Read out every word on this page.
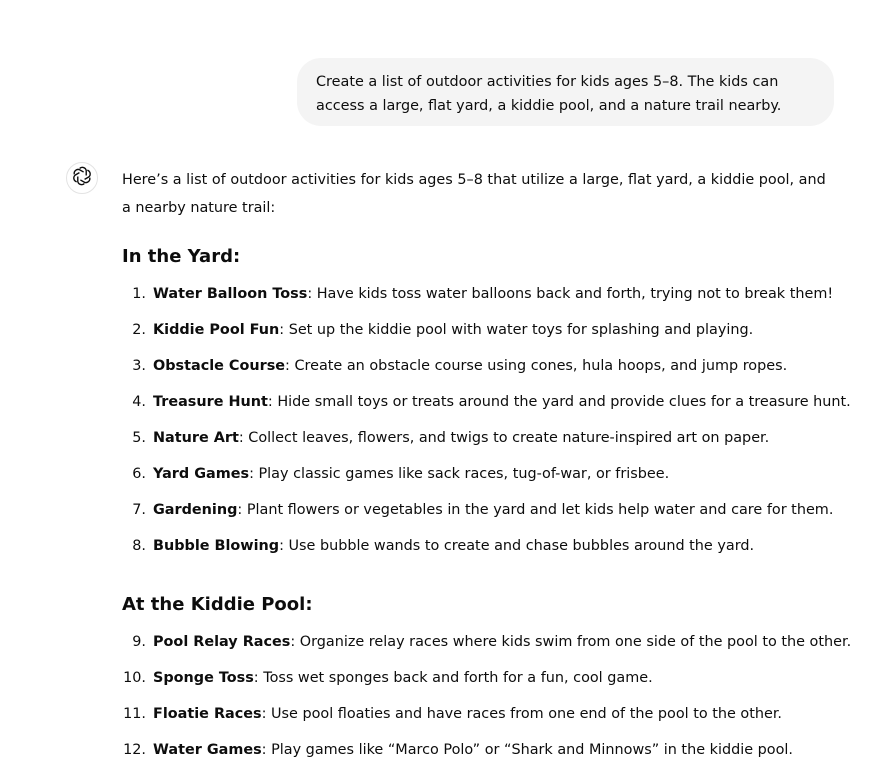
Create a list of outdoor activities for kids ages 5–8. The kids can access a large, flat yard, a kiddie pool, and a nature trail nearby.

Here’s a list of outdoor activities for kids ages 5–8 that utilize a large, flat yard, a kiddie pool, and a nearby nature trail:

In the Yard:
1. Water Balloon Toss: Have kids toss water balloons back and forth, trying not to break them!
2. Kiddie Pool Fun: Set up the kiddie pool with water toys for splashing and playing.
3. Obstacle Course: Create an obstacle course using cones, hula hoops, and jump ropes.
4. Treasure Hunt: Hide small toys or treats around the yard and provide clues for a treasure hunt.
5. Nature Art: Collect leaves, flowers, and twigs to create nature-inspired art on paper.
6. Yard Games: Play classic games like sack races, tug-of-war, or frisbee.
7. Gardening: Plant flowers or vegetables in the yard and let kids help water and care for them.
8. Bubble Blowing: Use bubble wands to create and chase bubbles around the yard.
At the Kiddie Pool:
9. Pool Relay Races: Organize relay races where kids swim from one side of the pool to the other.
10. Sponge Toss: Toss wet sponges back and forth for a fun, cool game.
11. Floatie Races: Use pool floaties and have races from one end of the pool to the other.
12. Water Games: Play games like “Marco Polo” or “Shark and Minnows” in the kiddie pool.
